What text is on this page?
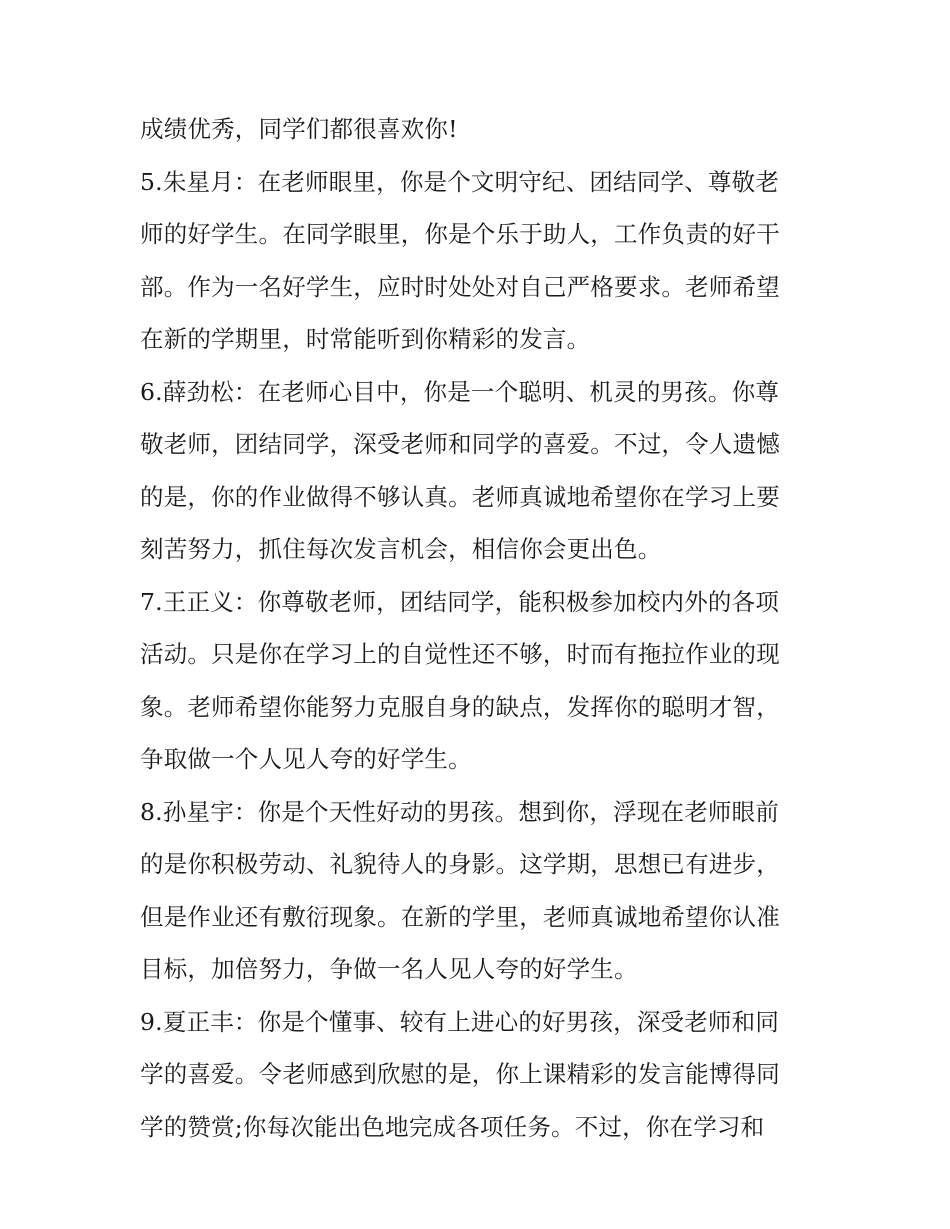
成绩优秀，同学们都很喜欢你!
5.朱星月：在老师眼里，你是个文明守纪、团结同学、尊敬老
师的好学生。在同学眼里，你是个乐于助人，工作负责的好干
部。作为一名好学生，应时时处处对自己严格要求。老师希望
在新的学期里，时常能听到你精彩的发言。
6.薛劲松：在老师心目中，你是一个聪明、机灵的男孩。你尊
敬老师，团结同学，深受老师和同学的喜爱。不过，令人遗憾
的是，你的作业做得不够认真。老师真诚地希望你在学习上要
刻苦努力，抓住每次发言机会，相信你会更出色。
7.王正义：你尊敬老师，团结同学，能积极参加校内外的各项
活动。只是你在学习上的自觉性还不够，时而有拖拉作业的现
象。老师希望你能努力克服自身的缺点，发挥你的聪明才智，
争取做一个人见人夸的好学生。
8.孙星宇：你是个天性好动的男孩。想到你，浮现在老师眼前
的是你积极劳动、礼貌待人的身影。这学期，思想已有进步，
但是作业还有敷衍现象。在新的学里，老师真诚地希望你认准
目标，加倍努力，争做一名人见人夸的好学生。
9.夏正丰：你是个懂事、较有上进心的好男孩，深受老师和同
学的喜爱。令老师感到欣慰的是，你上课精彩的发言能博得同
学的赞赏;你每次能出色地完成各项任务。不过，你在学习和
